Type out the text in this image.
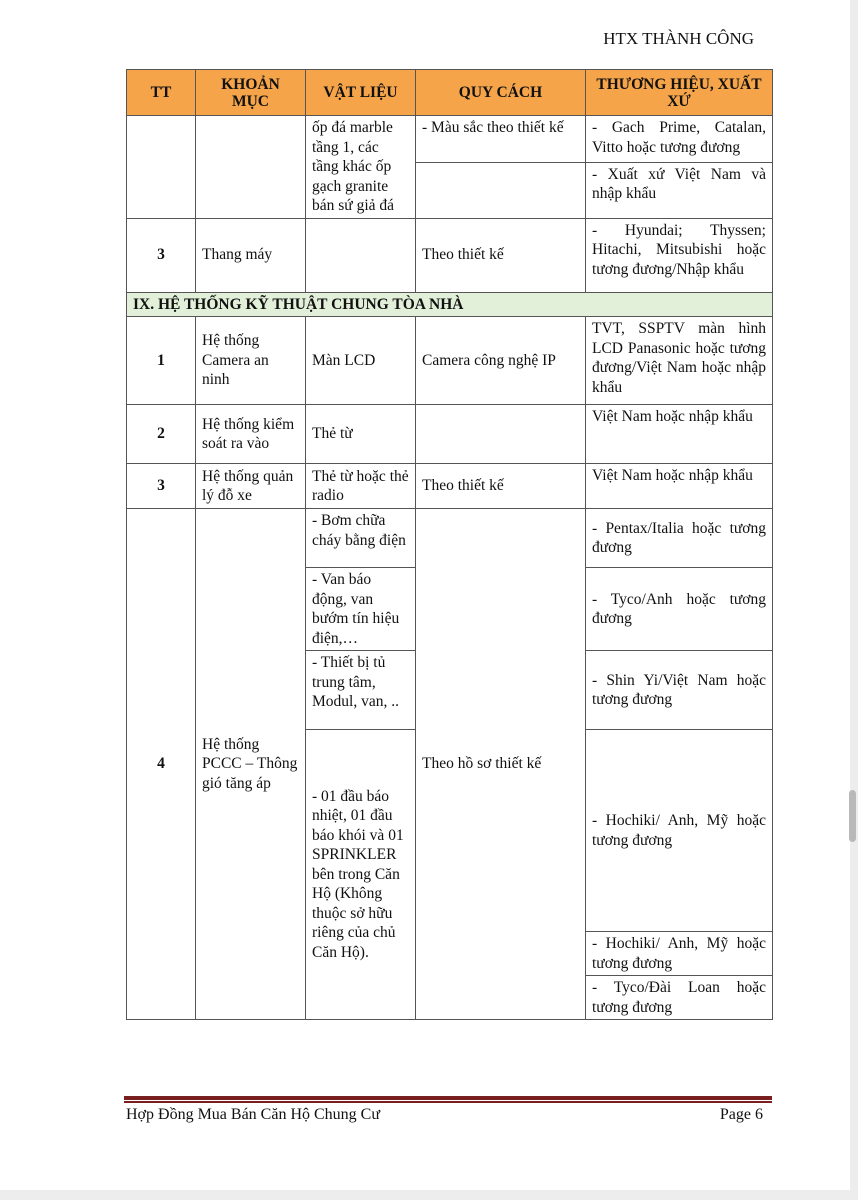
HTX THÀNH CÔNG
TT	KHOẢN MỤC	VẬT LIỆU	QUY CÁCH	THƯƠNG HIỆU, XUẤT XỨ
		ốp đá marble tầng 1, các tầng khác ốp gạch granite bán sứ giả đá	- Màu sắc theo thiết kế	- Gach Prime, Catalan, Vitto hoặc tương đương
				- Xuất xứ Việt Nam và nhập khẩu
3	Thang máy		Theo thiết kế	- Hyundai; Thyssen; Hitachi, Mitsubishi hoặc tương đương/Nhập khẩu
IX. HỆ THỐNG KỸ THUẬT CHUNG TÒA NHÀ				
1	Hệ thống Camera an ninh	Màn LCD	Camera công nghệ IP	TVT, SSPTV màn hình LCD Panasonic hoặc tương đương/Việt Nam hoặc nhập khẩu
2	Hệ thống kiểm soát ra vào	Thẻ từ		Việt Nam hoặc nhập khẩu
3	Hệ thống quản lý đỗ xe	Thẻ từ hoặc thẻ radio	Theo thiết kế	Việt Nam hoặc nhập khẩu
4	Hệ thống PCCC – Thông gió tăng áp	- Bơm chữa cháy bằng điện	Theo hồ sơ thiết kế	- Pentax/Italia hoặc tương đương
		- Van báo động, van bướm tín hiệu điện,…		- Tyco/Anh hoặc tương đương
		- Thiết bị tủ trung tâm, Modul, van, ..		- Shin Yi/Việt Nam hoặc tương đương
		- 01 đầu báo nhiệt, 01 đầu báo khói và 01 SPRINKLER bên trong Căn Hộ (Không thuộc sở hữu riêng của chủ Căn Hộ).		- Hochiki/ Anh, Mỹ hoặc tương đương
				- Hochiki/ Anh, Mỹ hoặc tương đương
				- Tyco/Đài Loan hoặc tương đương
Hợp Đồng Mua Bán Căn Hộ Chung Cư	Page 6
